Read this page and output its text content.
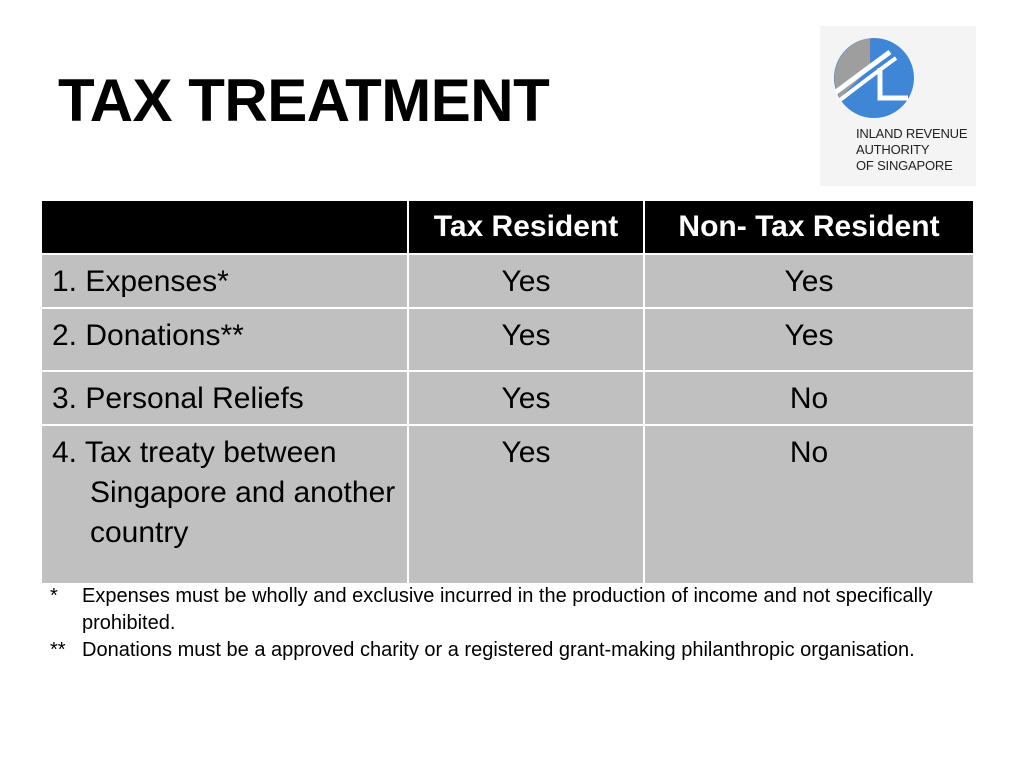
TAX TREATMENT	INLAND REVENUE
AUTHORITY
OF SINGAPORE
	Tax Resident	Non- Tax Resident
1. Expenses*	Yes	Yes
2. Donations**	Yes	Yes
3. Personal Reliefs	Yes	No

4. Tax treaty between Singapore and another country	Yes	No
* Expenses must be wholly and exclusive incurred in the production of income and not specifically prohibited.
** Donations must be a approved charity or a registered grant-making philanthropic organisation.
